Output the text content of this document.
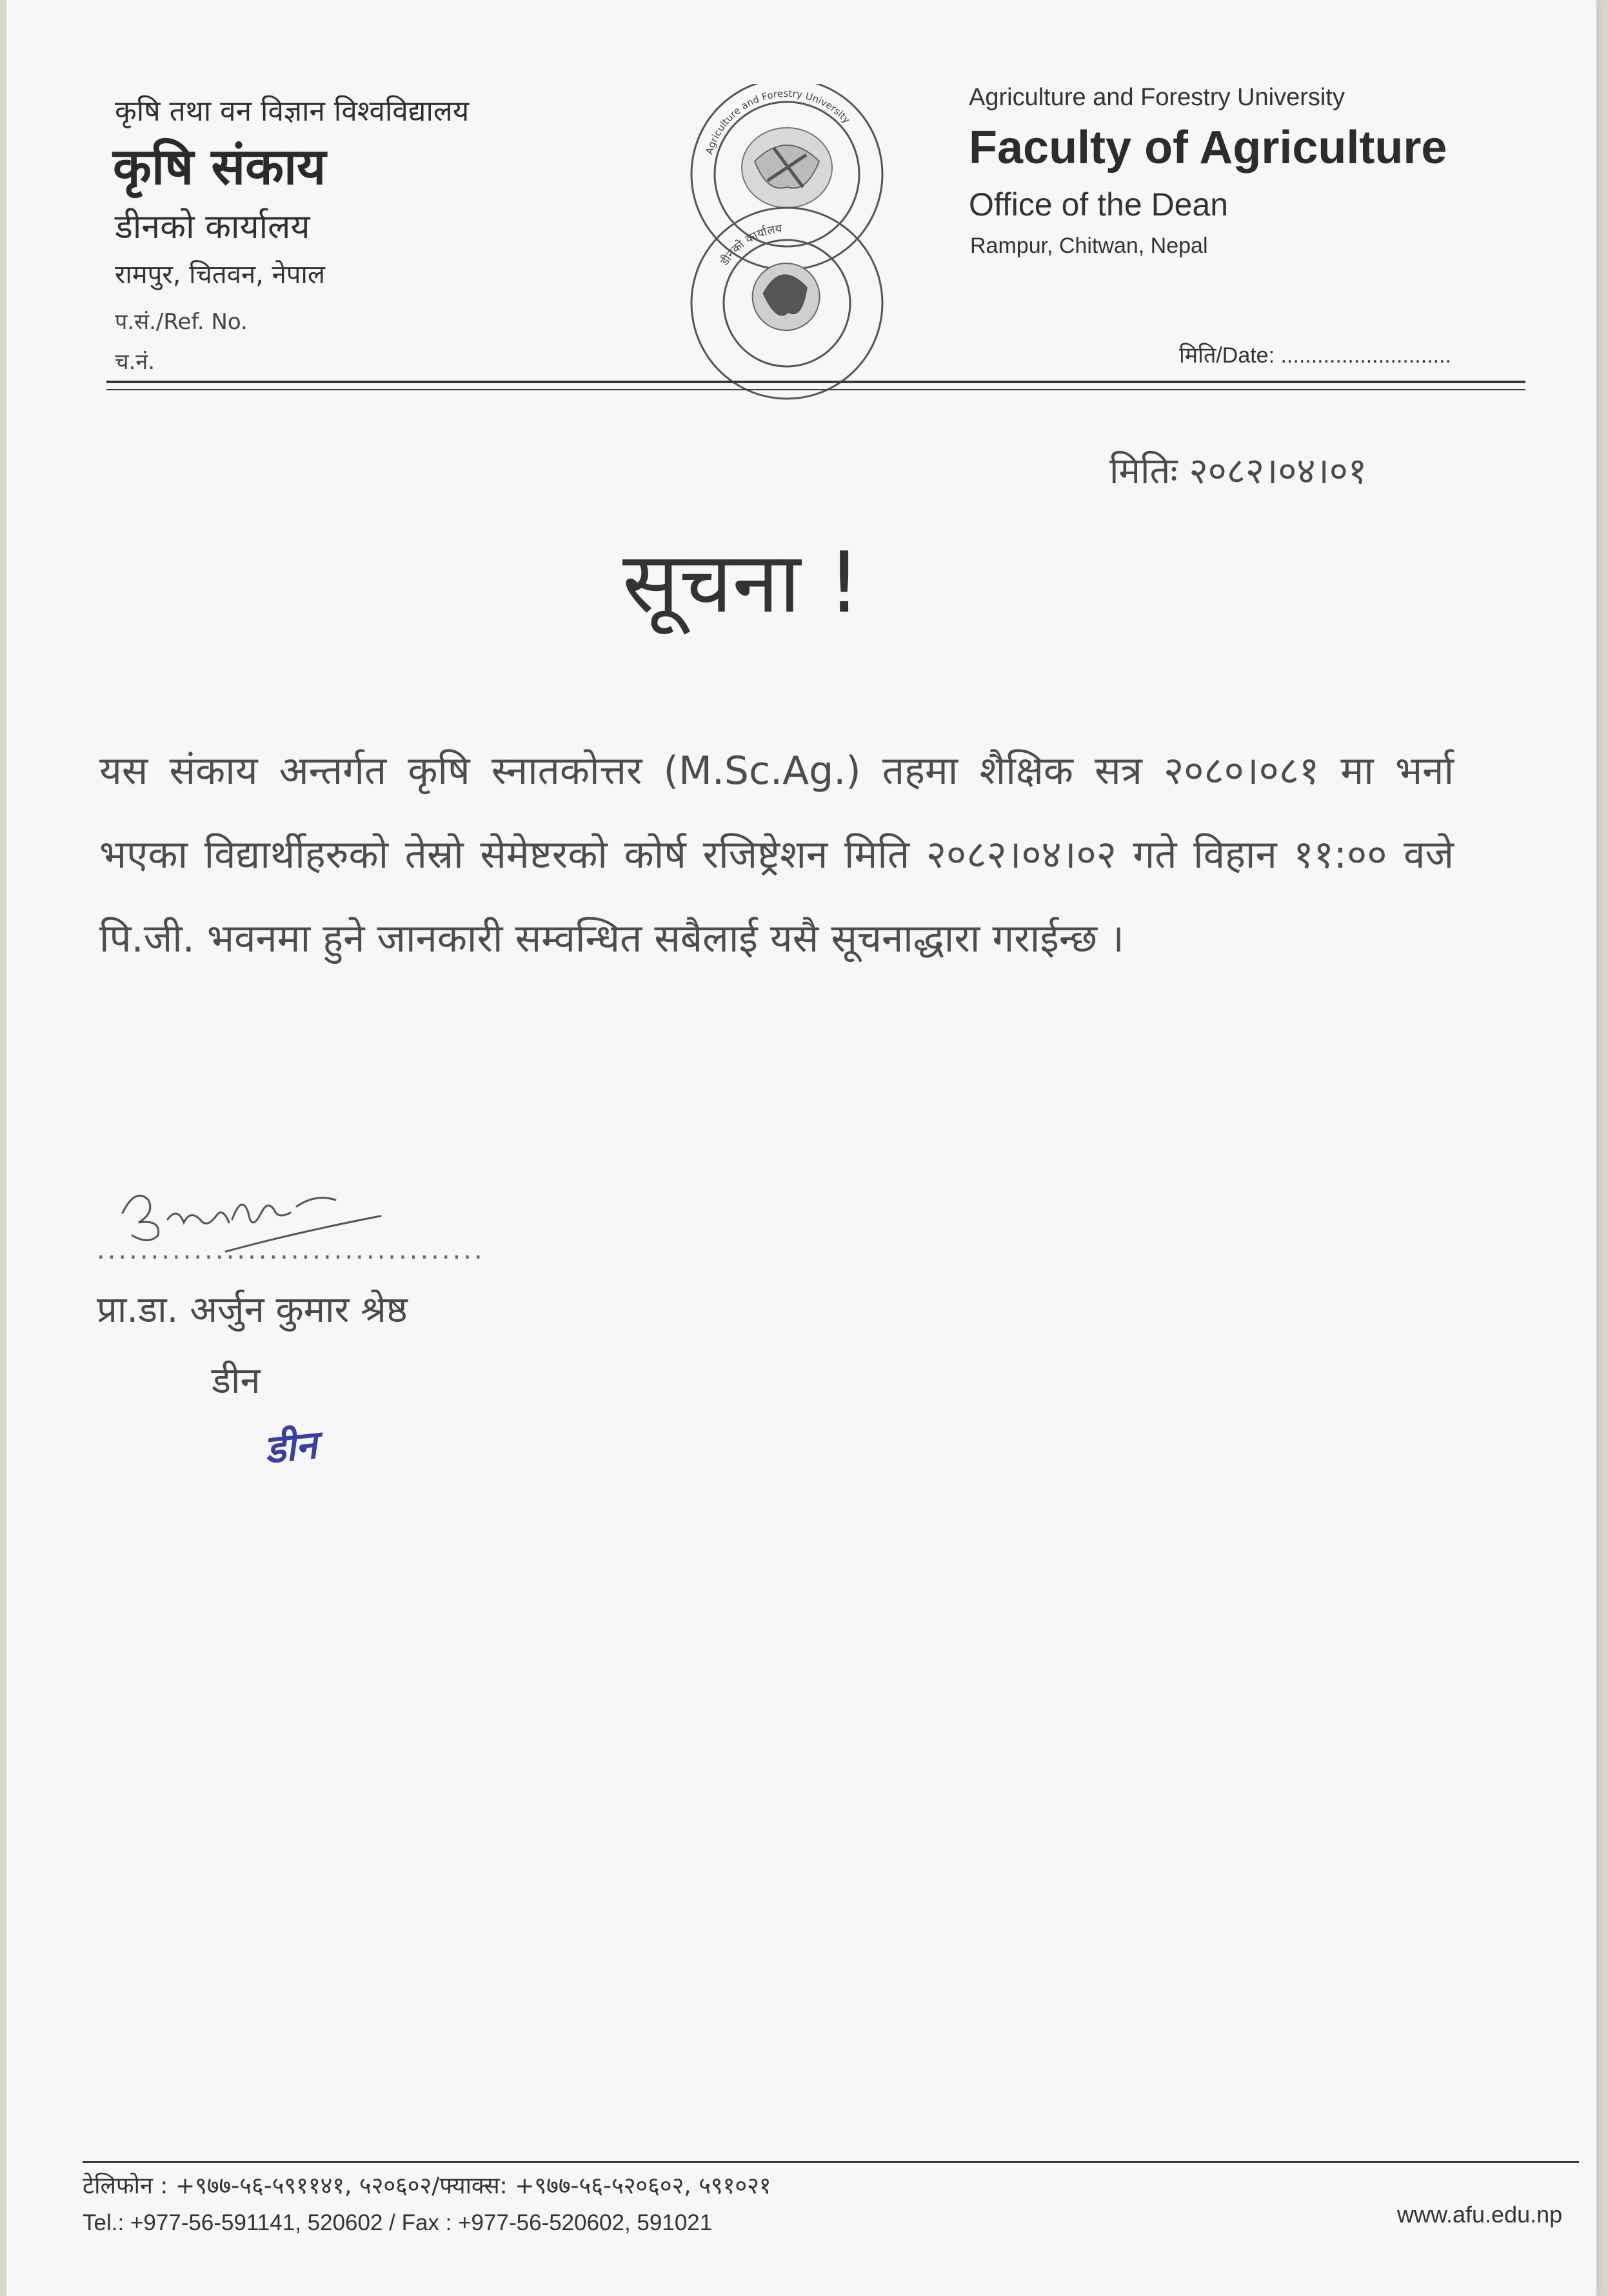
कृषि तथा वन विज्ञान विश्वविद्यालय
कृषि संकाय
डीनको कार्यालय
रामपुर, चितवन, नेपाल
प.सं./Ref. No.
च.नं.
Agriculture and Forestry University
डीनको कार्यालय
Agriculture and Forestry University
Faculty of Agriculture
Office of the Dean
Rampur, Chitwan, Nepal
मिति/Date: ............................
मितिः २०८२।०४।०१
सूचना !
यस संकाय अन्तर्गत कृषि स्नातकोत्तर (M.Sc.Ag.) तहमा शैक्षिक सत्र २०८०।०८१ मा भर्ना भएका विद्यार्थीहरुको तेस्रो सेमेष्टरको कोर्ष रजिष्ट्रेशन मिति २०८२।०४।०२ गते विहान ११:०० वजे पि.जी. भवनमा हुने जानकारी सम्वन्धित सबैलाई यसै सूचनाद्धारा गराईन्छ ।
....................................
प्रा.डा. अर्जुन कुमार श्रेष्ठ
डीन
डीन
टेलिफोन : +९७७-५६-५९११४१, ५२०६०२/फ्याक्स: +९७७-५६-५२०६०२, ५९१०२१
Tel.: +977-56-591141, 520602 / Fax : +977-56-520602, 591021	www.afu.edu.np
